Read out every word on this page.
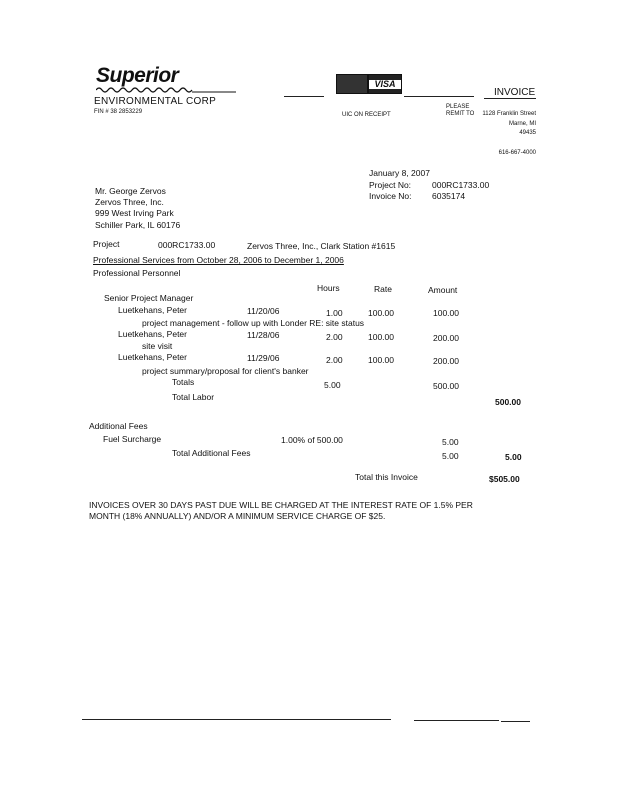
Superior
ENVIRONMENTAL CORP
FIN # 38 2853229
VISA
UIC ON RECEIPT
INVOICE
PLEASE
REMIT TO 1128 Franklin Street
Marne, MI
49435
616-667-4000
January 8, 2007
Project No: 000RC1733.00
Invoice No: 6035174
Mr. George Zervos
Zervos Three, Inc.
999 West Irving Park
Schiller Park, IL 60176
Project	000RC1733.00	Zervos Three, Inc., Clark Station #1615
Professional Services from October 28, 2006 to December 1, 2006
Professional Personnel
Hours	Rate	Amount
Senior Project Manager
Luetkehans, Peter	11/20/06	1.00	100.00	100.00
project management - follow up with Londer RE: site status
Luetkehans, Peter	11/28/06	2.00	100.00	200.00
site visit
Luetkehans, Peter	11/29/06	2.00	100.00	200.00
project summary/proposal for client's banker
Totals	5.00	500.00
Total Labor	500.00
Additional Fees
Fuel Surcharge	1.00% of 500.00	5.00
Total Additional Fees	5.00	5.00
Total this Invoice	$505.00
INVOICES OVER 30 DAYS PAST DUE WILL BE CHARGED AT THE INTEREST RATE OF 1.5% PER
MONTH (18% ANNUALLY) AND/OR A MINIMUM SERVICE CHARGE OF $25.
